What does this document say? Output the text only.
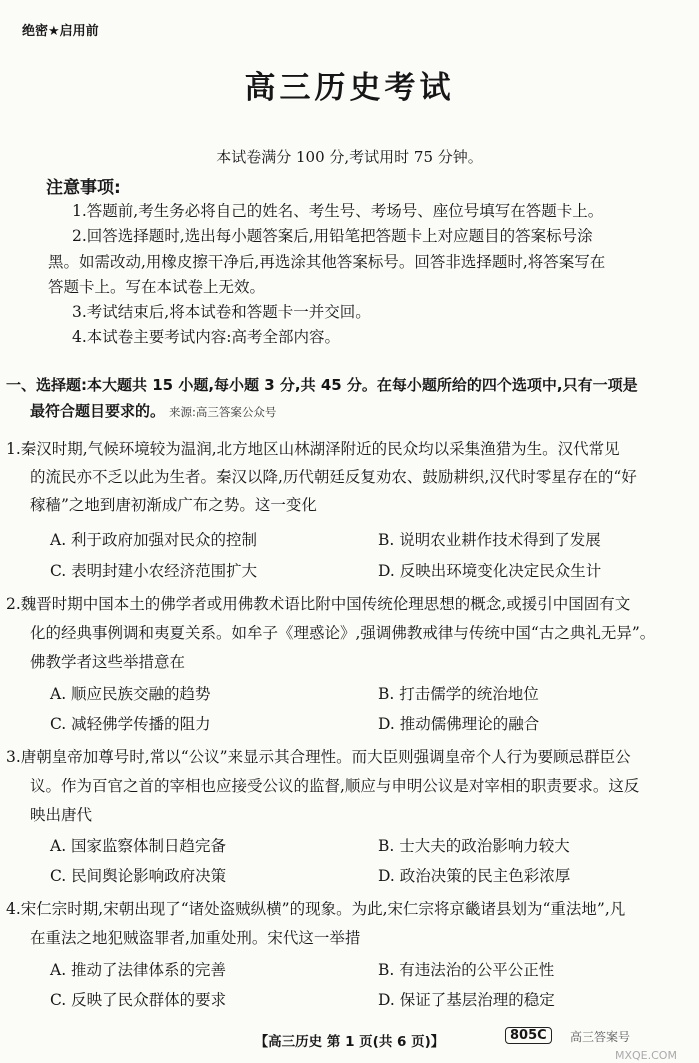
绝密★启用前
高三历史考试
本试卷满分 100 分,考试用时 75 分钟。
注意事项:
1.答题前,考生务必将自己的姓名、考生号、考场号、座位号填写在答题卡上。
2.回答选择题时,选出每小题答案后,用铅笔把答题卡上对应题目的答案标号涂
黑。如需改动,用橡皮擦干净后,再选涂其他答案标号。回答非选择题时,将答案写在
答题卡上。写在本试卷上无效。
3.考试结束后,将本试卷和答题卡一并交回。
4.本试卷主要考试内容:高考全部内容。
一、选择题:本大题共 15 小题,每小题 3 分,共 45 分。在每小题所给的四个选项中,只有一项是
最符合题目要求的。 来源:高三答案公众号
1.秦汉时期,气候环境较为温润,北方地区山林湖泽附近的民众均以采集渔猎为生。汉代常见
的流民亦不乏以此为生者。秦汉以降,历代朝廷反复劝农、鼓励耕织,汉代时零星存在的“好
稼穑”之地到唐初渐成广布之势。这一变化
A. 利于政府加强对民众的控制	B. 说明农业耕作技术得到了发展
C. 表明封建小农经济范围扩大	D. 反映出环境变化决定民众生计
2.魏晋时期中国本土的佛学者或用佛教术语比附中国传统伦理思想的概念,或援引中国固有文
化的经典事例调和夷夏关系。如牟子《理惑论》,强调佛教戒律与传统中国“古之典礼无异”。
佛教学者这些举措意在
A. 顺应民族交融的趋势	B. 打击儒学的统治地位
C. 减轻佛学传播的阻力	D. 推动儒佛理论的融合
3.唐朝皇帝加尊号时,常以“公议”来显示其合理性。而大臣则强调皇帝个人行为要顾忌群臣公
议。作为百官之首的宰相也应接受公议的监督,顺应与申明公议是对宰相的职责要求。这反
映出唐代
A. 国家监察体制日趋完备	B. 士大夫的政治影响力较大
C. 民间舆论影响政府决策	D. 政治决策的民主色彩浓厚
4.宋仁宗时期,宋朝出现了“诸处盗贼纵横”的现象。为此,宋仁宗将京畿诸县划为“重法地”,凡
在重法之地犯贼盗罪者,加重处刑。宋代这一举措
A. 推动了法律体系的完善	B. 有违法治的公平公正性
C. 反映了民众群体的要求	D. 保证了基层治理的稳定
【高三历史 第 1 页(共 6 页)】	805C	高三答案号
MXQE.COM
